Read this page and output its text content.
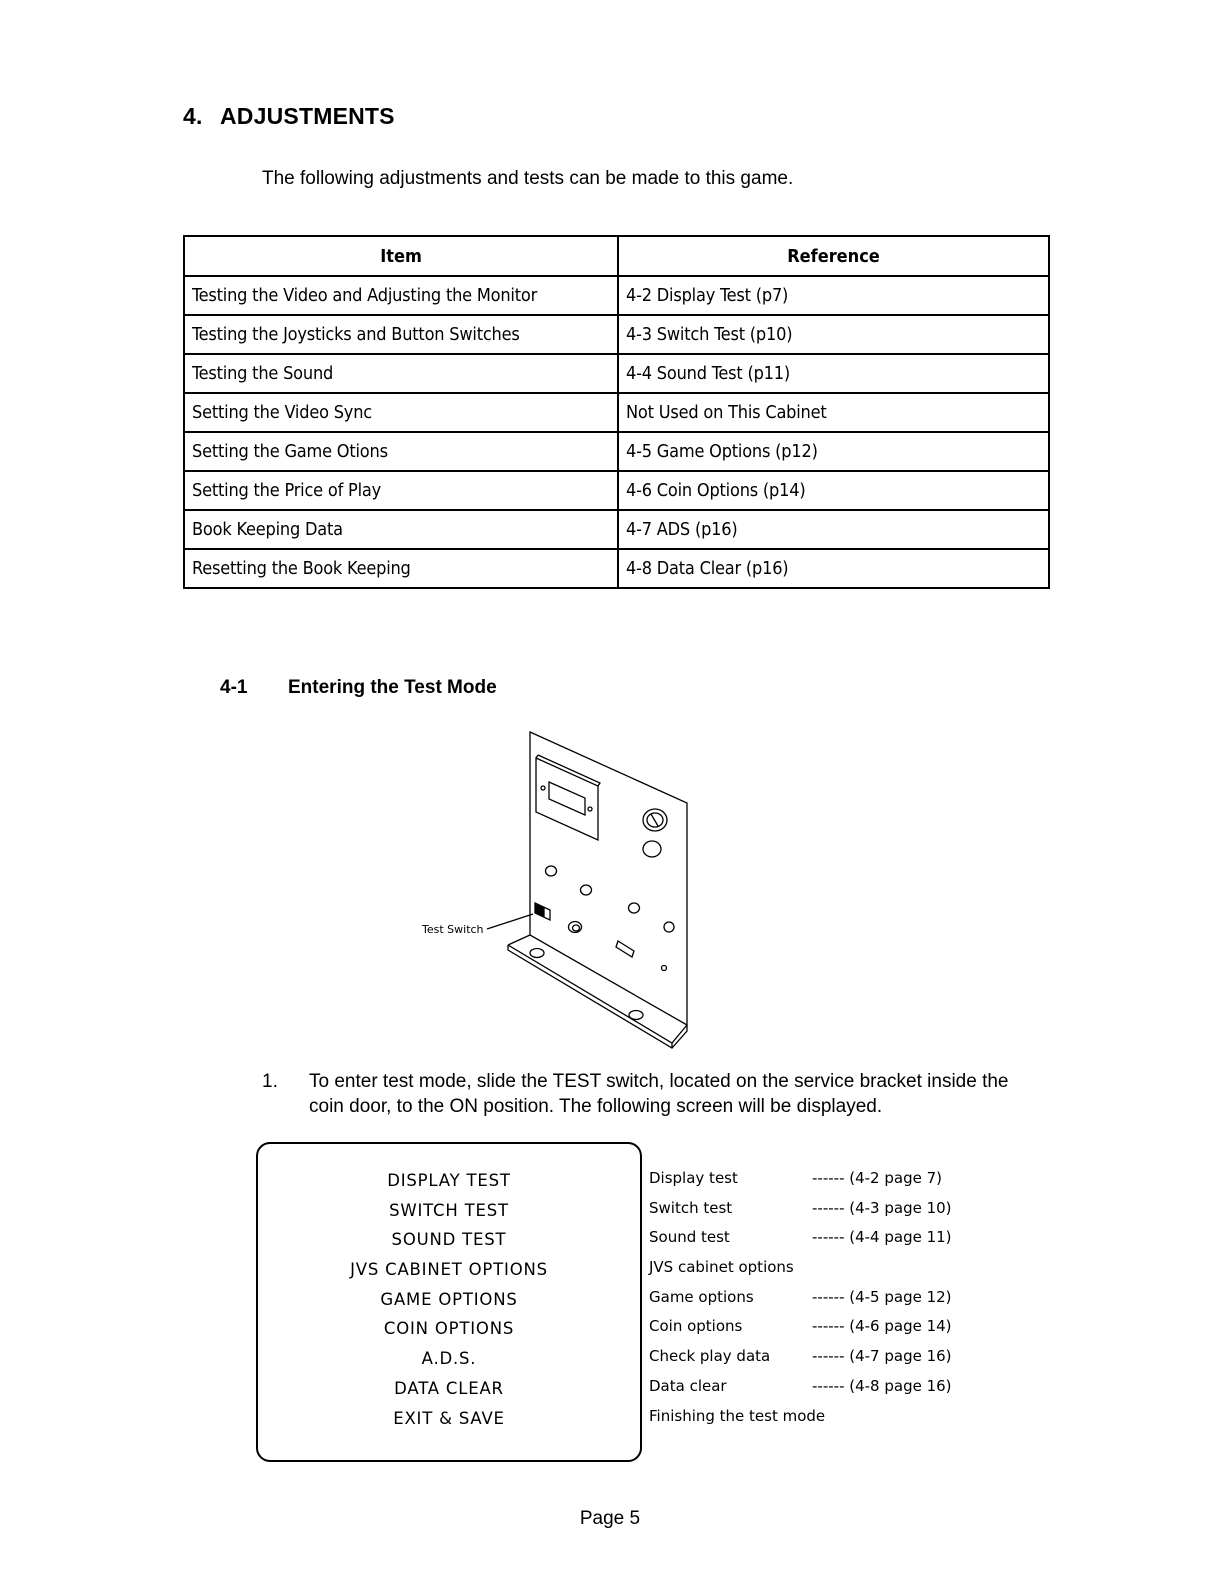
4. ADJUSTMENTS
The following adjustments and tests can be made to this game.
Item	Reference
Testing the Video and Adjusting the Monitor	4-2 Display Test (p7)
Testing the Joysticks and Button Switches	4-3 Switch Test (p10)
Testing the Sound	4-4 Sound Test (p11)
Setting the Video Sync	Not Used on This Cabinet
Setting the Game Otions	4-5 Game Options (p12)
Setting the Price of Play	4-6 Coin Options (p14)
Book Keeping Data	4-7 ADS (p16)
Resetting the Book Keeping	4-8 Data Clear (p16)
4-1 Entering the Test Mode
Test Switch
1. To enter test mode, slide the TEST switch, located on the service bracket inside the coin door, to the ON position. The following screen will be displayed.
DISPLAY TEST
SWITCH TEST
SOUND TEST
JVS CABINET OPTIONS
GAME OPTIONS
COIN OPTIONS
A.D.S.
DATA CLEAR
EXIT & SAVE
Display test	------ (4-2 page 7)
Switch test	------ (4-3 page 10)
Sound test	------ (4-4 page 11)
JVS cabinet options
Game options	------ (4-5 page 12)
Coin options	------ (4-6 page 14)
Check play data	------ (4-7 page 16)
Data clear	------ (4-8 page 16)
Finishing the test mode
Page 5
